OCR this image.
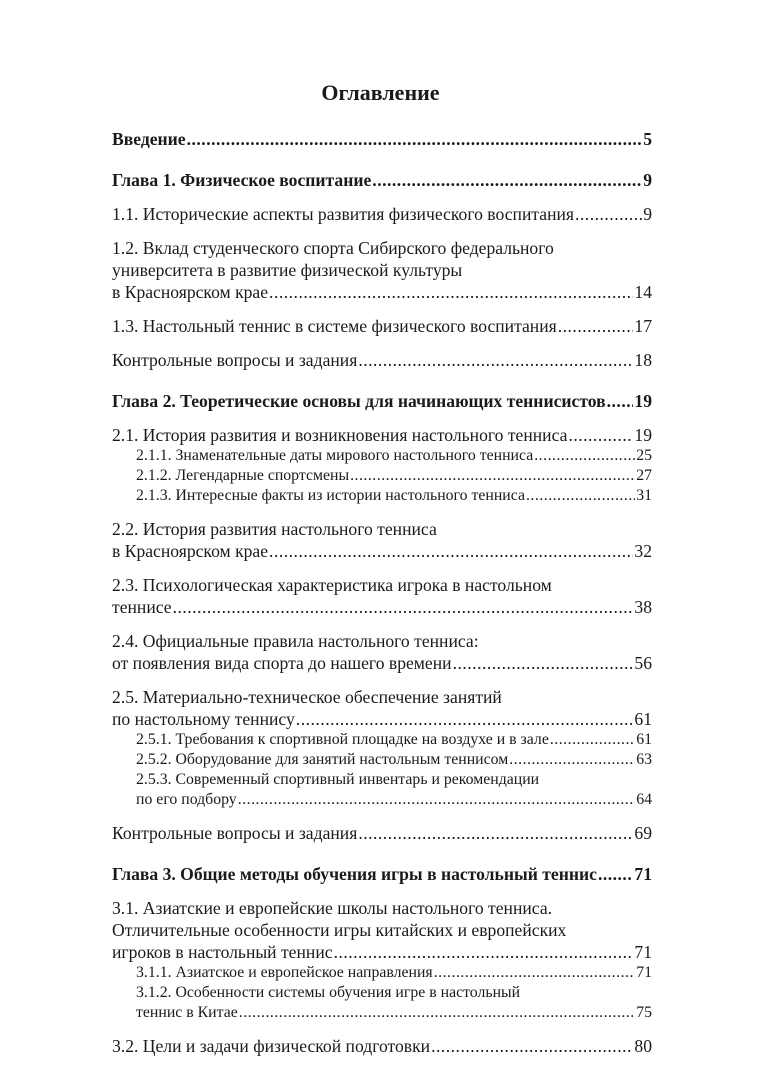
Оглавление
Введение .....	5
Глава 1. Физическое воспитание .....	9
1.1. Исторические аспекты развития физического воспитания .....	9
1.2. Вклад студенческого спорта Сибирского федерального
университета в развитие физической культуры
в Красноярском крае .....	14
1.3. Настольный теннис в системе физического воспитания .....	17
Контрольные вопросы и задания .....	18
Глава 2. Теоретические основы для начинающих теннисистов ..... 19
2.1. История развития и возникновения настольного тенниса .....	19
2.1.1. Знаменательные даты мирового настольного тенниса .....	25
2.1.2. Легендарные спортсмены .....	27
2.1.3. Интересные факты из истории настольного тенниса .....	31
2.2. История развития настольного тенниса
в Красноярском крае .....	32
2.3. Психологическая характеристика игрока в настольном
теннисе .....	38
2.4. Официальные правила настольного тенниса:
от появления вида спорта до нашего времени .....	56
2.5. Материально-техническое обеспечение занятий
по настольному теннису .....	61
2.5.1. Требования к спортивной площадке на воздухе и в зале .....	61
2.5.2. Оборудование для занятий настольным теннисом .....	63
2.5.3. Современный спортивный инвентарь и рекомендации
по его подбору .....	64
Контрольные вопросы и задания .....	69
Глава 3. Общие методы обучения игры в настольный теннис ..... 71
3.1. Азиатские и европейские школы настольного тенниса.
Отличительные особенности игры китайских и европейских
игроков в настольный теннис .....	71
3.1.1. Азиатское и европейское направления .....	71
3.1.2. Особенности системы обучения игре в настольный
теннис в Китае .....	75
3.2. Цели и задачи физической подготовки .....	80
